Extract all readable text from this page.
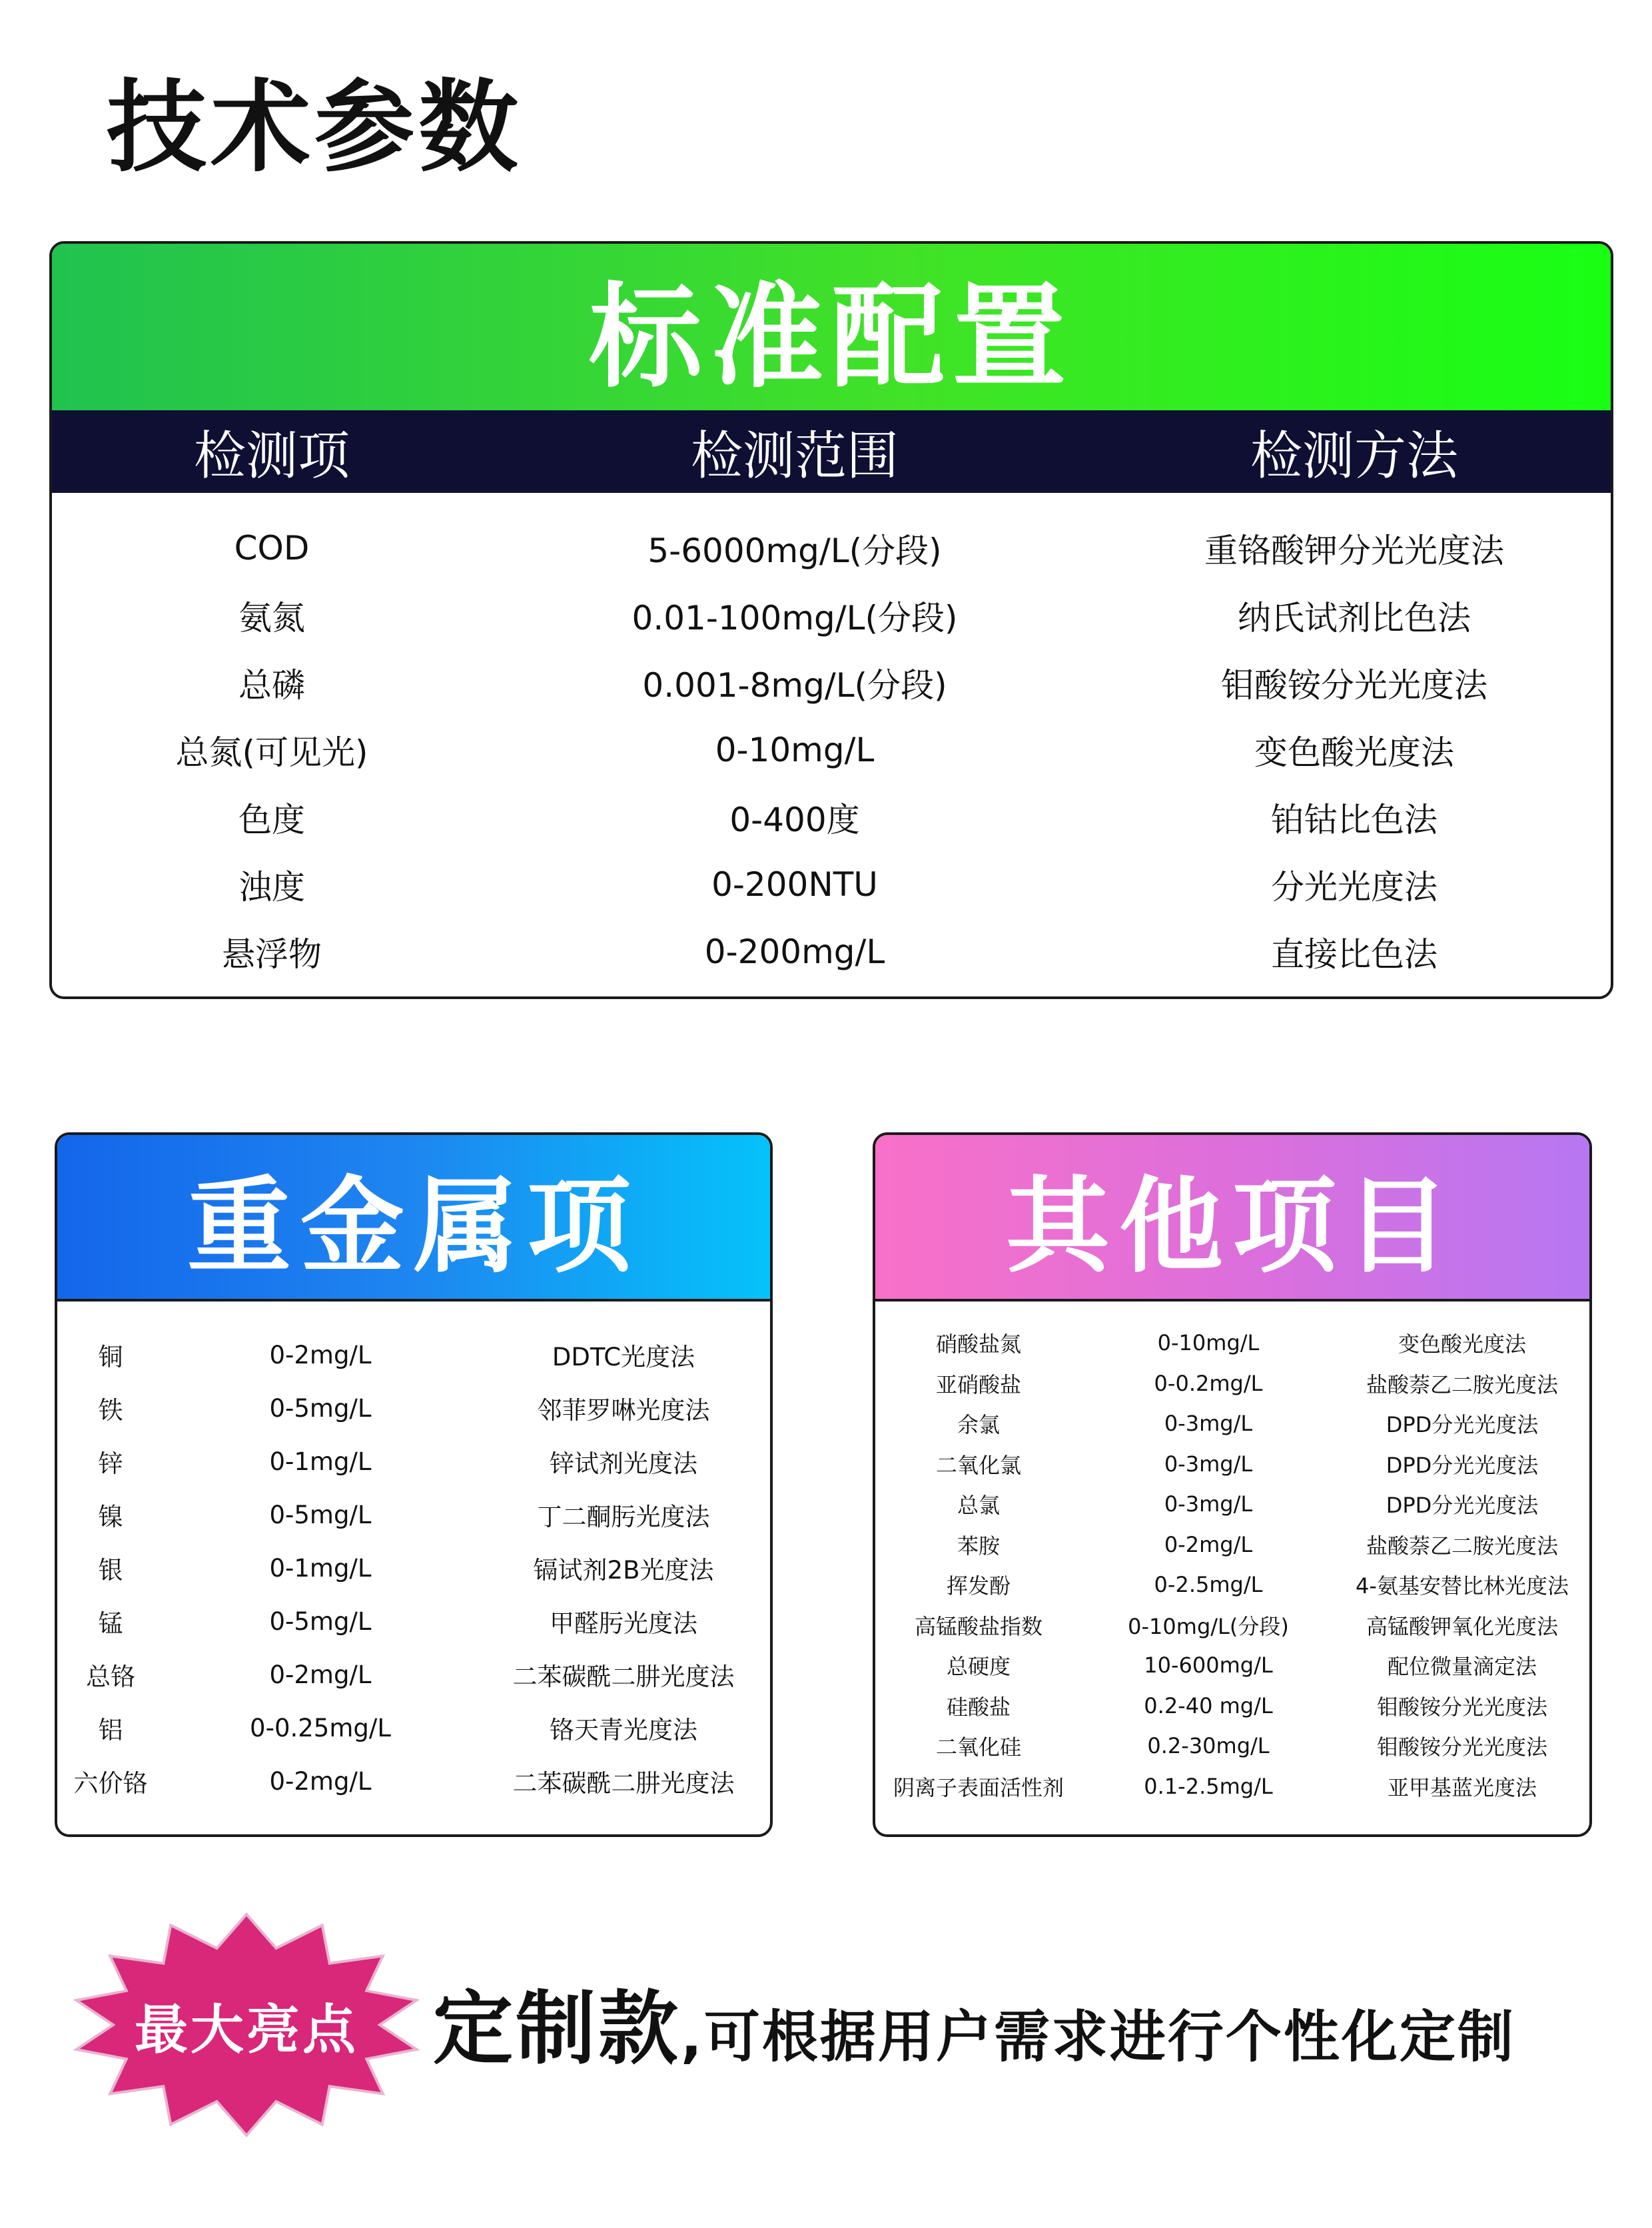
技术参数
标准配置
检测项	检测范围	检测方法
COD	5-6000mg/L(分段)	重铬酸钾分光光度法
氨氮	0.01-100mg/L(分段)	纳氏试剂比色法
总磷	0.001-8mg/L(分段)	钼酸铵分光光度法
总氮(可见光)	0-10mg/L	变色酸光度法
色度	0-400度	铂钴比色法
浊度	0-200NTU	分光光度法
悬浮物	0-200mg/L	直接比色法
重金属项
铜	0-2mg/L	DDTC光度法
铁	0-5mg/L	邻菲罗啉光度法
锌	0-1mg/L	锌试剂光度法
镍	0-5mg/L	丁二酮肟光度法
银	0-1mg/L	镉试剂2B光度法
锰	0-5mg/L	甲醛肟光度法
总铬	0-2mg/L	二苯碳酰二肼光度法
铝	0-0.25mg/L	铬天青光度法
六价铬	0-2mg/L	二苯碳酰二肼光度法
其他项目
硝酸盐氮	0-10mg/L	变色酸光度法
亚硝酸盐	0-0.2mg/L	盐酸萘乙二胺光度法
余氯	0-3mg/L	DPD分光光度法
二氧化氯	0-3mg/L	DPD分光光度法
总氯	0-3mg/L	DPD分光光度法
苯胺	0-2mg/L	盐酸萘乙二胺光度法
挥发酚	0-2.5mg/L	4-氨基安替比林光度法
高锰酸盐指数	0-10mg/L(分段)	高锰酸钾氧化光度法
总硬度	10-600mg/L	配位微量滴定法
硅酸盐	0.2-40 mg/L	钼酸铵分光光度法
二氧化硅	0.2-30mg/L	钼酸铵分光光度法
阴离子表面活性剂	0.1-2.5mg/L	亚甲基蓝光度法
最大亮点 定制款 ,可根据用户需求进行个性化定制
